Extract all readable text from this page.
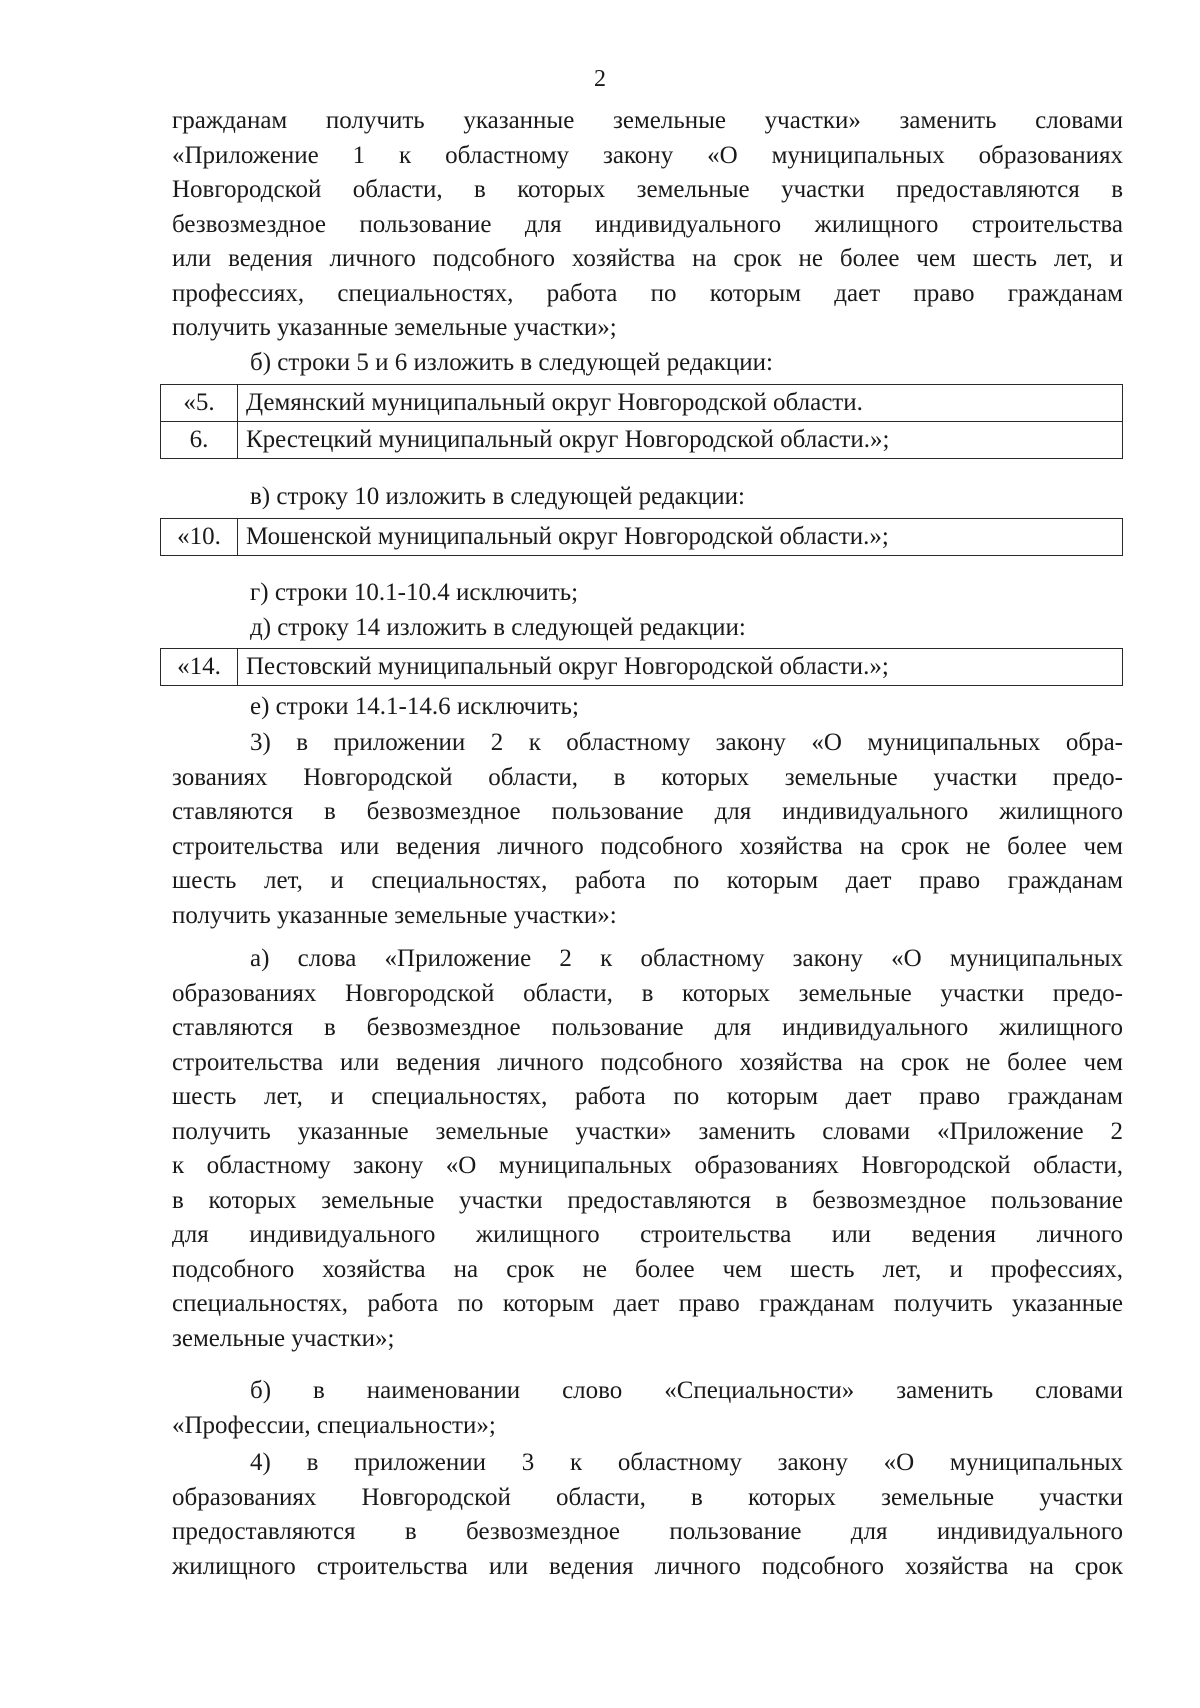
2
гражданам получить указанные земельные участки» заменить словами
«Приложение 1 к областному закону «О муниципальных образованиях
Новгородской области, в которых земельные участки предоставляются в
безвозмездное пользование для индивидуального жилищного строительства
или ведения личного подсобного хозяйства на срок не более чем шесть лет, и
профессиях, специальностях, работа по которым дает право гражданам
получить указанные земельные участки»;
б) строки 5 и 6 изложить в следующей редакции:
«5.	Демянский муниципальный округ Новгородской области.
6.	Крестецкий муниципальный округ Новгородской области.»;
в) строку 10 изложить в следующей редакции:
«10.	Мошенской муниципальный округ Новгородской области.»;
г) строки 10.1-10.4 исключить;
д) строку 14 изложить в следующей редакции:
«14.	Пестовский муниципальный округ Новгородской области.»;
е) строки 14.1-14.6 исключить;
3) в приложении 2 к областному закону «О муниципальных обра-
зованиях Новгородской области, в которых земельные участки предо-
ставляются в безвозмездное пользование для индивидуального жилищного
строительства или ведения личного подсобного хозяйства на срок не более чем
шесть лет, и специальностях, работа по которым дает право гражданам
получить указанные земельные участки»:
а) слова «Приложение 2 к областному закону «О муниципальных
образованиях Новгородской области, в которых земельные участки предо-
ставляются в безвозмездное пользование для индивидуального жилищного
строительства или ведения личного подсобного хозяйства на срок не более чем
шесть лет, и специальностях, работа по которым дает право гражданам
получить указанные земельные участки» заменить словами «Приложение 2
к областному закону «О муниципальных образованиях Новгородской области,
в которых земельные участки предоставляются в безвозмездное пользование
для индивидуального жилищного строительства или ведения личного
подсобного хозяйства на срок не более чем шесть лет, и профессиях,
специальностях, работа по которым дает право гражданам получить указанные
земельные участки»;
б) в наименовании слово «Специальности» заменить словами
«Профессии, специальности»;
4) в приложении 3 к областному закону «О муниципальных
образованиях Новгородской области, в которых земельные участки
предоставляются в безвозмездное пользование для индивидуального
жилищного строительства или ведения личного подсобного хозяйства на срок
